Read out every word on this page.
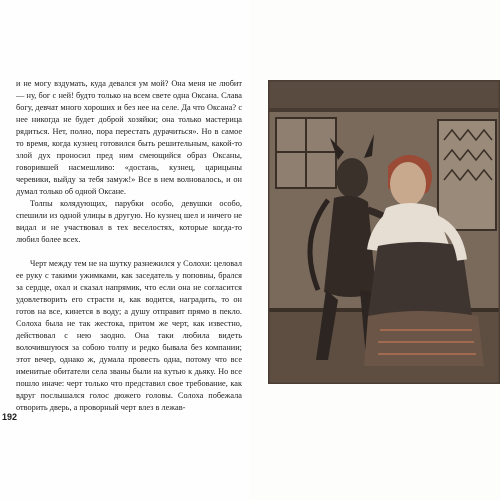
и не могу вздумать, куда девался ум мой? Она меня не любит — ну, бог с ней! будто только на всем свете одна Оксана. Слава богу, девчат много хороших и без нее на селе. Да что Оксана? с нее никогда не будет доброй хозяйки; она только мастерица рядиться. Нет, полно, пора перестать дурачиться». Но в самое то время, когда кузнец готовился быть решительным, какой-то злой дух проносил пред ним смеющийся образ Оксаны, говорившей насмешливо: «достань, кузнец, царицыны черевики, выйду за тебя замуж!» Все в нем волновалось, и он думал только об одной Оксане.

Толпы колядующих, парубки особо, девушки особо, спешили из одной улицы в другую. Но кузнец шел и ничего не видал и не участвовал в тех веселостях, которые когда-то любил более всех.

Черт между тем не на шутку разнежился у Солохи: целовал ее руку с такими ужимками, как заседатель у поповны, брался за сердце, охал и сказал напрямик, что если она не согласится удовлетворить его страсти и, как водится, наградить, то он готов на все, кинется в воду; а душу отправит прямо в пекло. Солоха была не так жестока, притом же черт, как известно, действовал с нею заодно. Она таки любила видеть волочившуюся за собою толпу и редко бывала без компании; этот вечер, однако ж, думала провесть одна, потому что все именитые обитатели села званы были на кутью к дьяку. Но все пошло иначе: черт только что представил свое требование, как вдруг послышался голос дюжего головы. Солоха побежала отворить дверь, а проворный черт влез в лежав-

192
